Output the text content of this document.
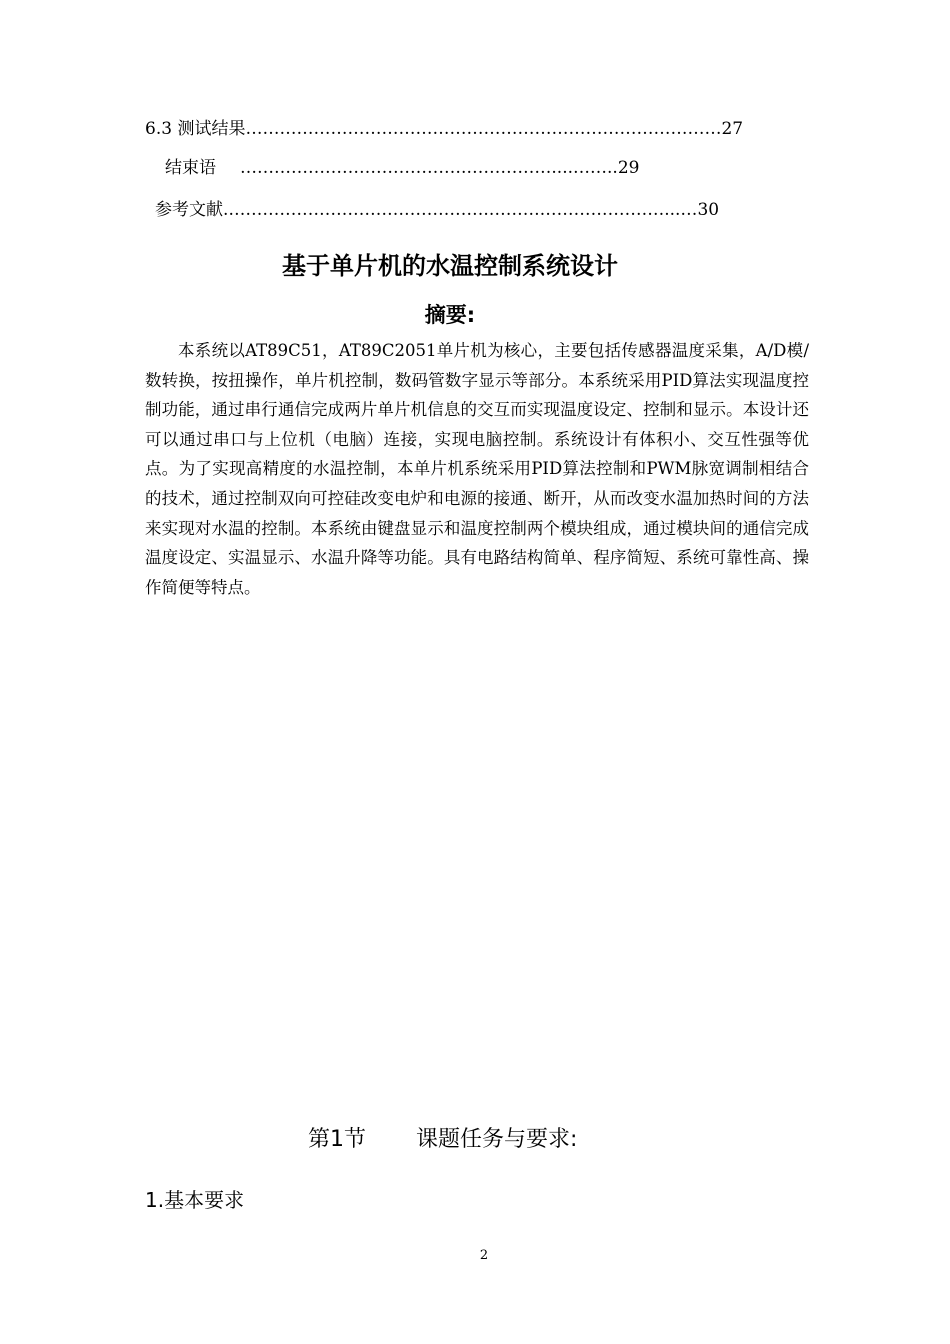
6.3 测试结果…………………………………………………………………………27
结束语 ………………………………….……………....……..29
参考文献.……………………………………….……….…………………...…30
基于单片机的水温控制系统设计
摘要:
本系统以AT89C51，AT89C2051单片机为核心，主要包括传感器温度采集，A/D模/数转换，按扭操作，单片机控制，数码管数字显示等部分。本系统采用PID算法实现温度控制功能，通过串行通信完成两片单片机信息的交互而实现温度设定、控制和显示。本设计还可以通过串口与上位机（电脑）连接，实现电脑控制。系统设计有体积小、交互性强等优点。为了实现高精度的水温控制，本单片机系统采用PID算法控制和PWM脉宽调制相结合的技术，通过控制双向可控硅改变电炉和电源的接通、断开，从而改变水温加热时间的方法来实现对水温的控制。本系统由键盘显示和温度控制两个模块组成，通过模块间的通信完成温度设定、实温显示、水温升降等功能。具有电路结构简单、程序简短、系统可靠性高、操作简便等特点。
第1节 课题任务与要求:
1.基本要求
2
